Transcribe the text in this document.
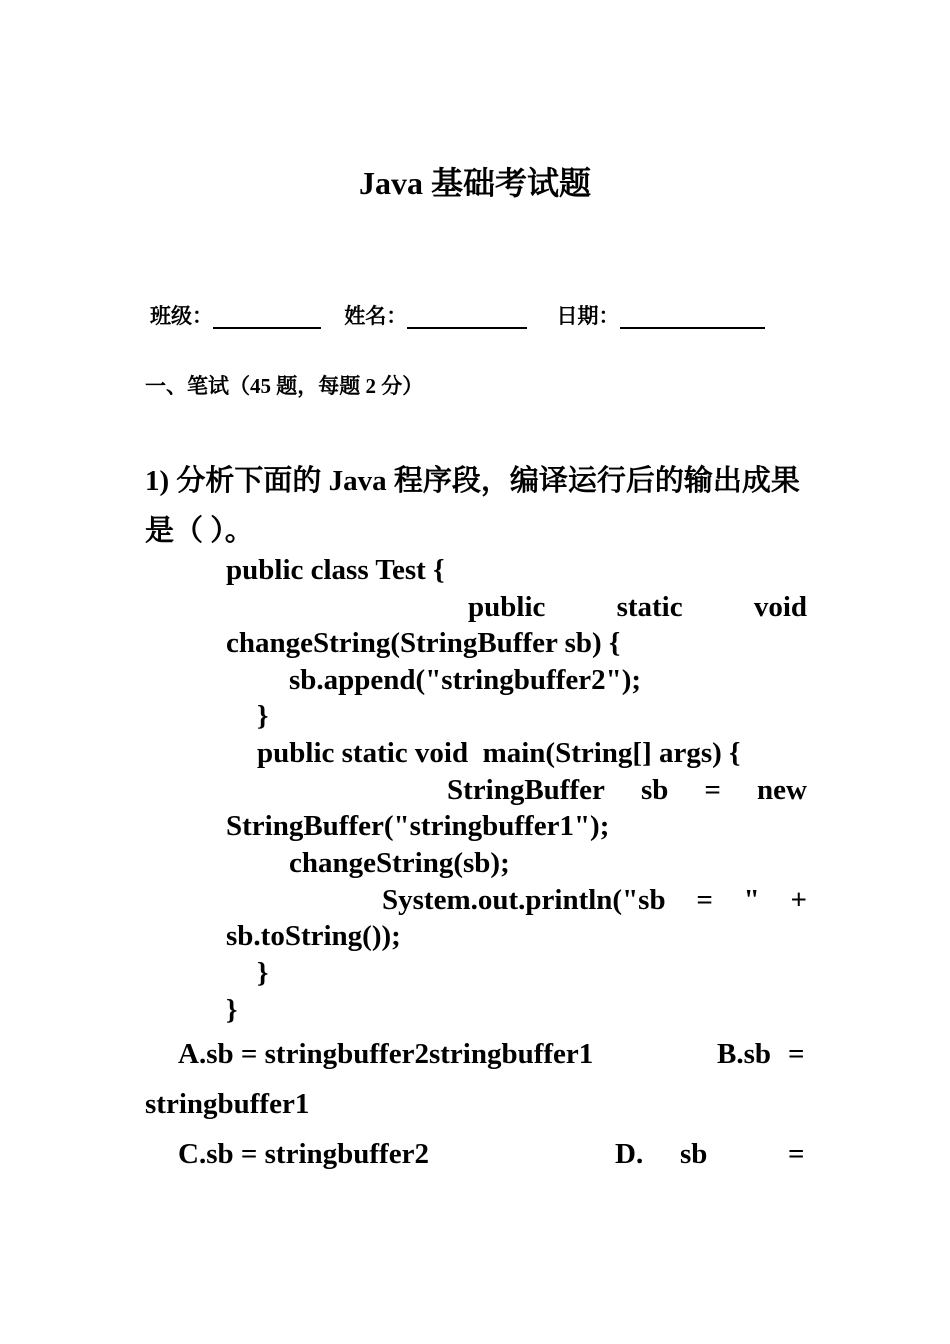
Java 基础考试题
班级：	姓名：	日期：
一、笔试（45 题，每题 2 分）
1) 分析下面的 Java 程序段，编译运行后的输出成果是（ ）。
public class Test {
public static void
changeString(StringBuffer sb) {
sb.append("stringbuffer2");
}
public static void  main(String[] args) {
StringBuffer sb = new
StringBuffer("stringbuffer1");
changeString(sb);
System.out.println("sb = " +
sb.toString());
}
}
A.sb = stringbuffer2stringbuffer1	B.sb =
stringbuffer1
C.sb = stringbuffer2	D. sb	=
